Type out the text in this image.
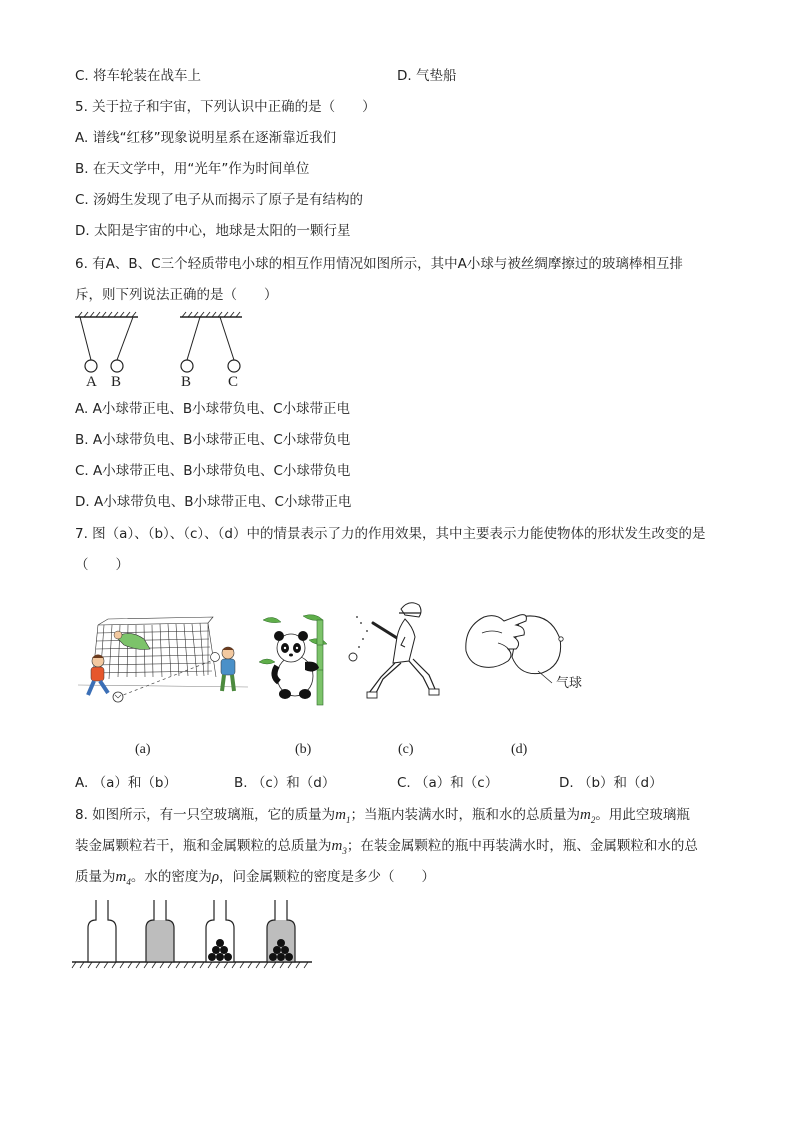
C. 将车轮装在战车上	D. 气垫船
5. 关于拉子和宇宙，下列认识中正确的是（　　）
A. 谱线“红移”现象说明星系在逐渐靠近我们
B. 在天文学中，用“光年”作为时间单位
C. 汤姆生发现了电子从而揭示了原子是有结构的
D. 太阳是宇宙的中心，地球是太阳的一颗行星
6. 有A、B、C三个轻质带电小球的相互作用情况如图所示，其中A小球与被丝绸摩擦过的玻璃棒相互排
斥，则下列说法正确的是（　　）
A B	B C
A. A小球带正电、B小球带负电、C小球带正电
B. A小球带负电、B小球带正电、C小球带负电
C. A小球带正电、B小球带负电、C小球带负电
D. A小球带负电、B小球带正电、C小球带正电
7. 图（a）、（b）、（c）、（d）中的情景表示了力的作用效果，其中主要表示力能使物体的形状发生改变的是
（　　）
气球
(a)	(b)	(c)	(d)
A. （a）和（b）	B. （c）和（d）	C. （a）和（c）	D. （b）和（d）
8. 如图所示，有一只空玻璃瓶，它的质量为$m_1$；当瓶内装满水时，瓶和水的总质量为$m_2$。用此空玻璃瓶
装金属颗粒若干，瓶和金属颗粒的总质量为$m_3$；在装金属颗粒的瓶中再装满水时，瓶、金属颗粒和水的总
质量为$m_4$。水的密度为ρ，问金属颗粒的密度是多少（　　）
